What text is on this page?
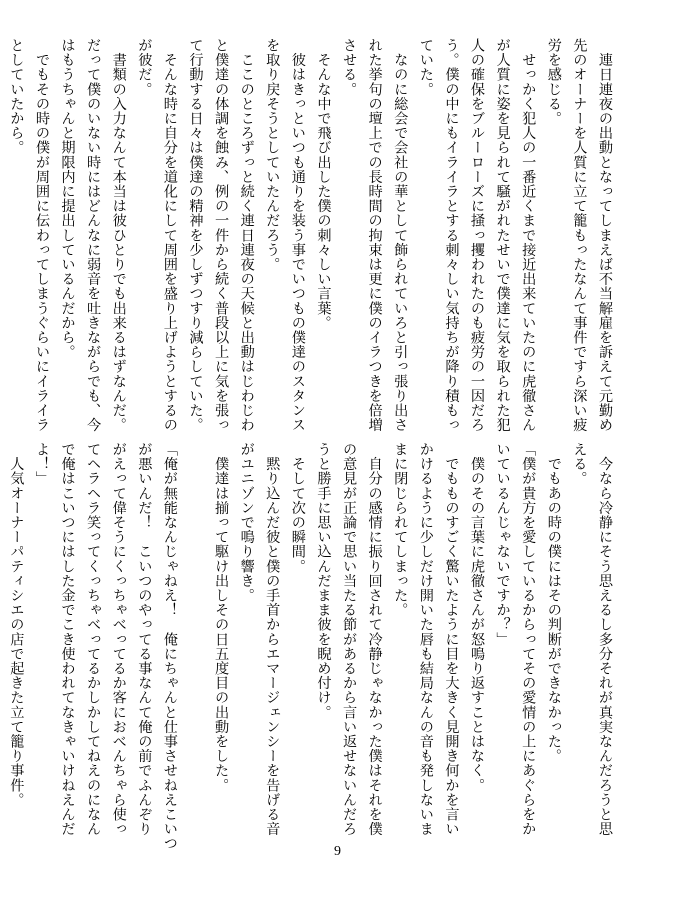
　連日連夜の出動となってしまえば不当解雇を訴えて元勤め
先のオーナーを人質に立て籠もったなんて事件ですら深い疲
労を感じる。
　せっかく犯人の一番近くまで接近出来ていたのに虎徹さん
が人質に姿を見られて騒がれたせいで僕達に気を取られた犯
人の確保をブルーローズに掻っ攫われたのも疲労の一因だろ
う。僕の中にもイライラとする刺々しい気持ちが降り積もっ
ていた。
　なのに総会で会社の華として飾られていろと引っ張り出さ
れた挙句の壇上での長時間の拘束は更に僕のイラつきを倍増
させる。
　そんな中で飛び出した僕の刺々しい言葉。
　彼はきっといつも通りを装う事でいつもの僕達のスタンス
を取り戻そうとしていたんだろう。
　ここのところずっと続く連日連夜の天候と出動はじわじわ
と僕達の体調を蝕み、例の一件から続く普段以上に気を張っ
て行動する日々は僕達の精神を少しずつすり減らしていた。
　そんな時に自分を道化にして周囲を盛り上げようとするの
が彼だ。
　書類の入力なんて本当は彼ひとりでも出来るはずなんだ。
だって僕のいない時にはどんなに弱音を吐きながらでも、今
はもうちゃんと期限内に提出しているんだから。
　でもその時の僕が周囲に伝わってしまうぐらいにイライラ
としていたから。
　今なら冷静にそう思えるし多分それが真実なんだろうと思
える。
　でもあの時の僕にはその判断ができなかった。
「僕が貴方を愛しているからってその愛情の上にあぐらをか
いているんじゃないですか？」
　僕のその言葉に虎徹さんが怒鳴り返すことはなく。
　でもものすごく驚いたように目を大きく見開き何かを言い
かけるように少しだけ開いた唇も結局なんの音も発しないま
まに閉じられてしまった。
　自分の感情に振り回されて冷静じゃなかった僕はそれを僕
の意見が正論で思い当たる節があるから言い返せないんだろ
うと勝手に思い込んだまま彼を睨め付け。
　そして次の瞬間。
　黙り込んだ彼と僕の手首からエマージェンシーを告げる音
がユニゾンで鳴り響き。
　僕達は揃って駆け出しその日五度目の出動をした。

「俺が無能なんじゃねえ！　俺にちゃんと仕事させねえこいつ
が悪いんだ！　こいつのやってる事なんて俺の前でふんぞり
がえって偉そうにくっちゃべってるか客におべんちゃら使っ
てヘラヘラ笑ってくっちゃべってるかしかしてねえのになん
で俺はこいつにはした金でこき使われてなきゃいけねえんだ
よ！」
　人気オーナーパティシエの店で起きた立て籠り事件。
9
